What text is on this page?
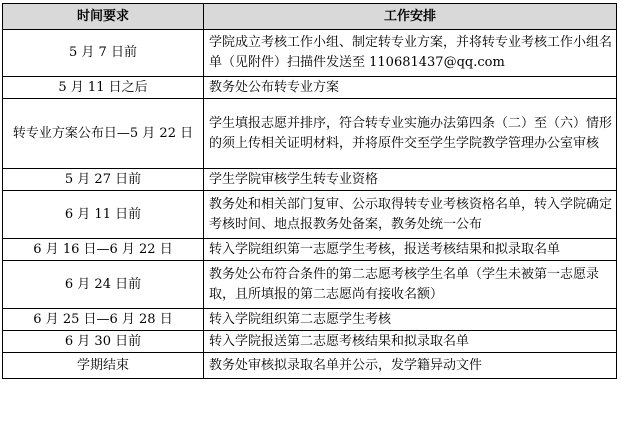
时间要求	工作安排
5 月 7 日前	学院成立考核工作小组、制定转专业方案，并将转专业考核工作小组名单（见附件）扫描件发送至 110681437@qq.com
5 月 11 日之后	教务处公布转专业方案
转专业方案公布日—5 月 22 日	学生填报志愿并排序，符合转专业实施办法第四条（二）至（六）情形的须上传相关证明材料，并将原件交至学生学院教学管理办公室审核
5 月 27 日前	学生学院审核学生转专业资格
6 月 11 日前	教务处和相关部门复审、公示取得转专业考核资格名单，转入学院确定考核时间、地点报教务处备案，教务处统一公布
6 月 16 日—6 月 22 日	转入学院组织第一志愿学生考核，报送考核结果和拟录取名单
6 月 24 日前	教务处公布符合条件的第二志愿考核学生名单（学生未被第一志愿录取，且所填报的第二志愿尚有接收名额）
6 月 25 日—6 月 28 日	转入学院组织第二志愿学生考核
6 月 30 日前	转入学院报送第二志愿考核结果和拟录取名单
学期结束	教务处审核拟录取名单并公示，发学籍异动文件
